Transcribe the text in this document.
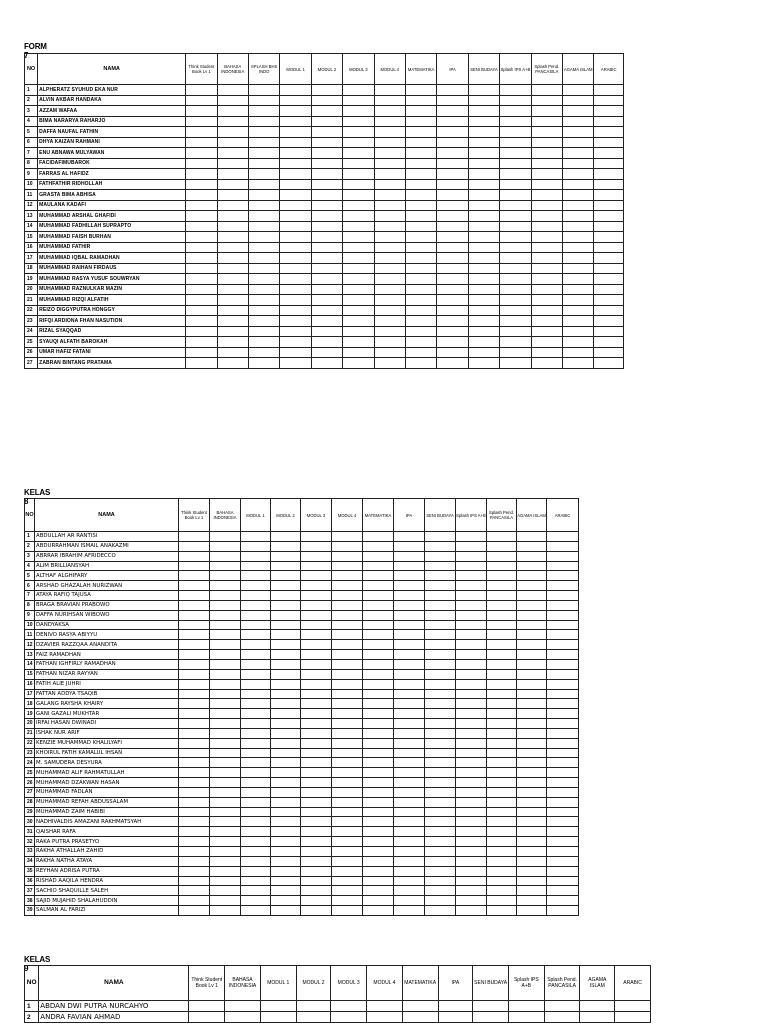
FORM 7
NO	NAMA	Think Student Book Lv 1	BAHASA INDONESIA	SPLASH BHS INDO	MODUL 1	MODUL 2	MODUL 3	MODUL 4	MATEMATIKA	IPA	SENI BUDAYA	Splash IPS A+B	Splash Pend. PANCASILA	AGAMA ISLAM	ARABIC
1	ALPHERATZ SYUHUD EKA NUR														
2	ALVIN AKBAR HANDAKA														
3	AZZAM WAFAA														
4	BIMA NARARYA RAHARJO														
5	DAFFA NAUFAL FATHIN														
6	DHYA KAIZAN RAHMANI														
7	ENU ABNAWA MULYAWAN														
8	FACIDAFIMUBAROK														
9	FARRAS AL HAFIDZ														
10	FATHFATHIR RIDHOLLAH														
11	GRASTA BIMA ABHISA														
12	MAULANA KADAFI														
13	MUHAMMAD ARSHAL GHAFIDI														
14	MUHAMMAD FADHILLAH SUPRAPTO														
15	MUHAMMAD FAISH BURHAN														
16	MUHAMMAD FATHIR														
17	MUHAMMAD IQBAL RAMADHAN														
18	MUHAMMAD RAIHAN FIRDAUS														
19	MUHAMMAD RASYA YUSUF SOUWRYAN														
20	MUHAMMAD RAZNULKAR MAZIN														
21	MUHAMMAD RIZQI ALFATIH														
22	REIZO DIGGYPUTRA HONGGY														
23	RIFQI ARDIONA FHAN NASUTION														
24	RIZAL SYAQQAD														
25	SYAUQI ALFATH BAROKAH														
26	UMAR HAFIZ FATANI														
27	ZABRAN BINTANG PRATAMA														
KELAS 8
NO	NAMA	Think Student Book Lv 1	BAHASA INDONESIA	MODUL 1	MODUL 2	MODUL 3	MODUL 4	MATEMATIKA	IPA	SENI BUDAYA	Splash IPS A+B	Splash Pend. PANCASILA	AGAMA ISLAM	ARABIC
1	ABDULLAH AR RANTISI													
2	ABDURRAHMAN ISMAIL ANAKAZMI													
3	ABRRAR IBRAHIM AFRIDECCO													
4	ALIM BRILLIANSYAH													
5	ALTHAF ALGHIFARY													
6	ARSHAD GHAZALAH NURIZWAN													
7	ATAYA RAFIQ TAJUSA													
8	BRAGA BRAVIAN PRABOWO													
9	DAFFA NURIHSAN WIBOWO													
10	DANDYAKSA													
11	DENIVO RASYA ABIYYU													
12	DZAVIER RAZZQAA ANANDITA													
13	FAIZ RAMADHAN													
14	FATHAN IGHFIRLY RAMADHAN													
15	FATHAN NIZAR RAYYAN													
16	FATIH ALIE JUHRI													
17	FATTAN ADDYA TSAQIB													
18	GALANG RAYSHA KHAIRY													
19	GANI GAZALI MUKHTAR													
20	IRFAI HASAN DWINADI													
21	ISHAK NUR ARIF													
22	KENZIE MUHAMMAD KHALILYAFI													
23	KHOIRUL FATIH KAMALUL IHSAN													
24	M. SAMUDERA DESYURA													
25	MUHAMMAD ALIF RAHMATULLAH													
26	MUHAMMAD DZAKWAN HASAN													
27	MUHAMMAD FADLAN													
28	MUHAMMAD REFAH ABDUSSALAM													
29	MUHAMMAD ZAIM HABIBI													
30	NADHIVALDIS AMAZANI RAKHMATSYAH													
31	QAISHAR RAFA													
32	RAKA PUTRA PRASETYO													
33	RAKHA ATHALLAH ZAHID													
34	RAKHA NATHA ATAYA													
35	REYHAN ADRISA PUTRA													
36	RISHAD AAQILA HENDRA													
37	SACHIO SHAQUILLE SALEH													
38	SAJID MUJAHID SHALAHUDDIN													
39	SALMAN AL FARIZI													
KELAS 9
NO	NAMA	Think Student Book Lv 1	BAHASA INDONESIA	MODUL 1	MODUL 2	MODUL 3	MODUL 4	MATEMATIKA	IPA	SENI BUDAYA	Splash IPS A+B	Splash Pend. PANCASILA	AGAMA ISLAM	ARABIC
1	ABDAN DWI PUTRA NURCAHYO													
2	ANDRA FAVIAN AHMAD													
